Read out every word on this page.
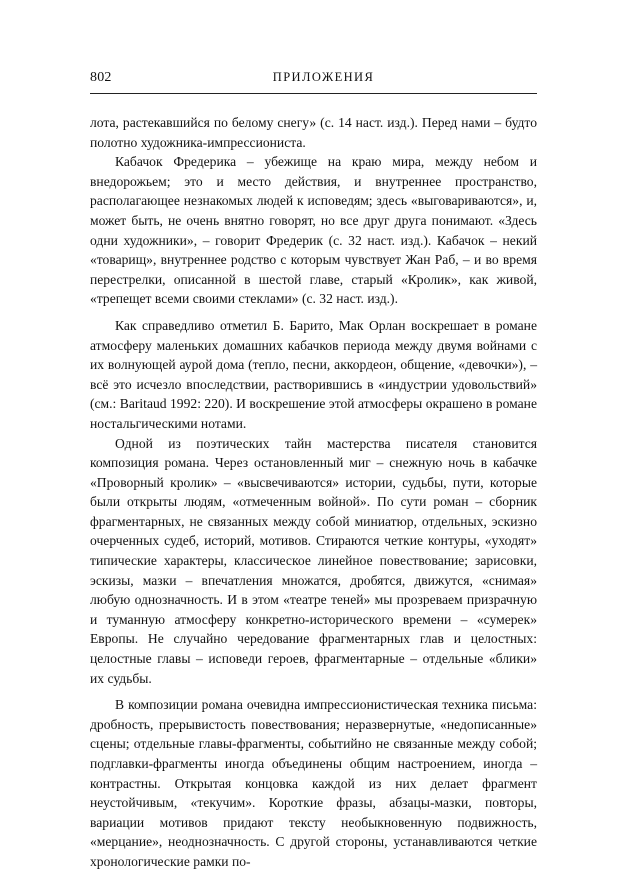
802	ПРИЛОЖЕНИЯ

лота, растекавшийся по белому снегу» (с. 14 наст. изд.). Перед нами – будто полотно художника-импрессиониста.

Кабачок Фредерика – убежище на краю мира, между небом и внедорожьем; это и место действия, и внутреннее пространство, располагающее незнакомых людей к исповедям; здесь «выговариваются», и, может быть, не очень внятно говорят, но все друг друга понимают. «Здесь одни художники», – говорит Фредерик (с. 32 наст. изд.). Кабачок – некий «товарищ», внутреннее родство с которым чувствует Жан Раб, – и во время перестрелки, описанной в шестой главе, старый «Кролик», как живой, «трепещет всеми своими стеклами» (с. 32 наст. изд.).

Как справедливо отметил Б. Барито, Мак Орлан воскрешает в романе атмосферу маленьких домашних кабачков периода между двумя войнами с их волнующей аурой дома (тепло, песни, аккордеон, общение, «девочки»), – всё это исчезло впоследствии, растворившись в «индустрии удовольствий» (см.: Baritaud 1992: 220). И воскрешение этой атмосферы окрашено в романе ностальгическими нотами.

Одной из поэтических тайн мастерства писателя становится композиция романа. Через остановленный миг – снежную ночь в кабачке «Проворный кролик» – «высвечиваются» истории, судьбы, пути, которые были открыты людям, «отмеченным войной». По сути роман – сборник фрагментарных, не связанных между собой миниатюр, отдельных, эскизно очерченных судеб, историй, мотивов. Стираются четкие контуры, «уходят» типические характеры, классическое линейное повествование; зарисовки, эскизы, мазки – впечатления множатся, дробятся, движутся, «снимая» любую однозначность. И в этом «театре теней» мы прозреваем призрачную и туманную атмосферу конкретно-исторического времени – «сумерек» Европы. Не случайно чередование фрагментарных глав и целостных: целостные главы – исповеди героев, фрагментарные – отдельные «блики» их судьбы.

В композиции романа очевидна импрессионистическая техника письма: дробность, прерывистость повествования; неразвернутые, «недописанные» сцены; отдельные главы-фрагменты, событийно не связанные между собой; подглавки-фрагменты иногда объединены общим настроением, иногда – контрастны. Открытая концовка каждой из них делает фрагмент неустойчивым, «текучим». Короткие фразы, абзацы-мазки, повторы, вариации мотивов придают тексту необыкновенную подвижность, «мерцание», неоднозначность. С другой стороны, устанавливаются четкие хронологические рамки по-
